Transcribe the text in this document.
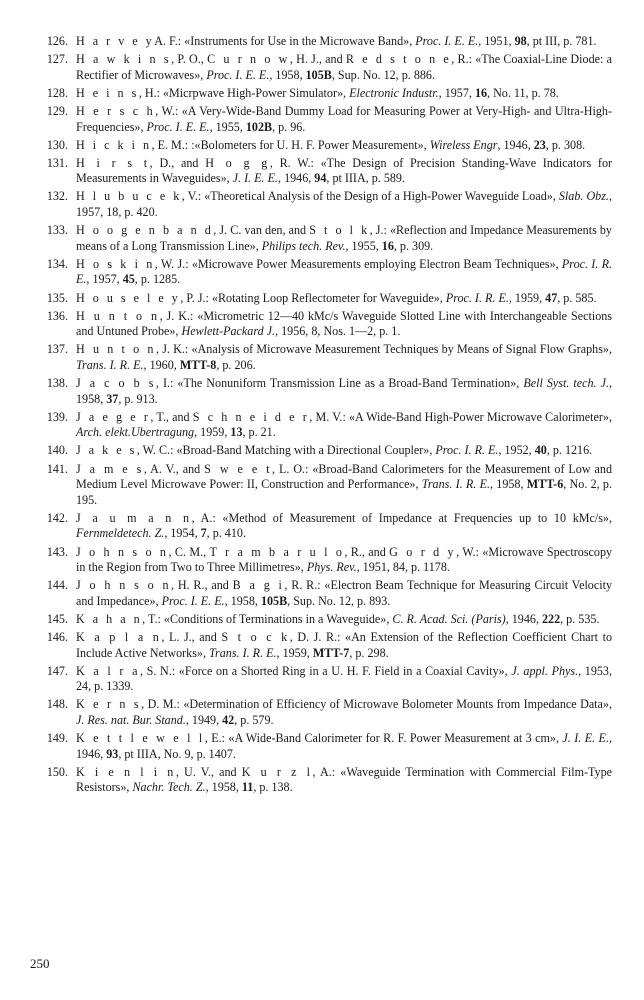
126. H a r v e yA. F.: «Instruments for Use in the Microwave Band», Proc. I. E. E., 1951, 98, pt III, p. 781.
127. H a w k i n s, P. O., C u r n o w, H. J., and R e d s t o n e, R.: «The Coaxial-Line Diode: a Rectifier of Microwaves», Proc. I. E. E., 1958, 105B, Sup. No. 12, p. 886.
128. H e i n s, H.: «Micrpwave High-Power Simulator», Electronic Industr., 1957, 16, No. 11, p. 78.
129. H e r s c h, W.: «A Very-Wide-Band Dummy Load for Measuring Power at Very-High- and Ultra-High-Frequencies», Proc. I. E. E., 1955, 102B, p. 96.
130. H i c k i n, E. M.: :«Bolometers for U. H. F. Power Measurement», Wireless Engr, 1946, 23, p. 308.
131. H i r s t, D., and H o g g, R. W.: «The Design of Precision Standing-Wave Indicators for Measurements in Waveguides», J. I. E. E., 1946, 94, pt IIIA, p. 589.
132. H l u b u c e k, V.: «Theoretical Analysis of the Design of a High-Power Waveguide Load», Slab. Obz., 1957, 18, p. 420.
133. H o o g e n b a n d, J. C. van den, and S t o l k, J.: «Reflection and Impedance Measurements by means of a Long Transmission Line», Philips tech. Rev., 1955, 16, p. 309.
134. H o s k i n, W. J.: «Microwave Power Measurements employing Electron Beam Techniques», Proc. I. R. E., 1957, 45, p. 1285.
135. H o u s e l e y, P. J.: «Rotating Loop Reflectometer for Waveguide», Proc. I. R. E., 1959, 47, p. 585.
136. H u n t o n, J. K.: «Micrometric 12—40 kMc/s Waveguide Slotted Line with Interchangeable Sections and Untuned Probe», Hewlett-Packard J., 1956, 8, Nos. 1—2, p. 1.
137. H u n t o n, J. K.: «Analysis of Microwave Measurement Techniques by Means of Signal Flow Graphs», Trans. I. R. E., 1960, MTT-8, p. 206.
138. J a c o b s, I.: «The Nonuniform Transmission Line as a Broad-Band Termination», Bell Syst. tech. J., 1958, 37, p. 913.
139. J a e g e r, T., and S c h n e i d e r, M. V.: «A Wide-Band High-Power Microwave Calorimeter», Arch. elekt.Ubertragung, 1959, 13, p. 21.
140. J a k e s, W. C.: «Broad-Band Matching with a Directional Coupler», Proc. I. R. E., 1952, 40, p. 1216.
141. J a m e s, A. V., and S w e e t, L. O.: «Broad-Band Calorimeters for the Measurement of Low and Medium Level Microwave Power: II, Construction and Performance», Trans. I. R. E., 1958, MTT-6, No. 2, p. 195.
142. J a u m a n n, A.: «Method of Measurement of Impedance at Frequencies up to 10 kMc/s», Fernmeldetech. Z., 1954, 7, p. 410.
143. J o h n s o n, C. M., T r a m b a r u l o, R., and G o r d y, W.: «Microwave Spectroscopy in the Region from Two to Three Millimetres», Phys. Rev., 1951, 84, p. 1178.
144. J o h n s o n, H. R., and B a g i, R. R.: «Electron Beam Technique for Measuring Circuit Velocity and Impedance», Proc. I. E. E., 1958, 105B, Sup. No. 12, p. 893.
145. K a h a n, T.: «Conditions of Terminations in a Waveguide», C. R. Acad. Sci. (Paris), 1946, 222, p. 535.
146. K a p l a n, L. J., and S t o c k, D. J. R.: «An Extension of the Reflection Coefficient Chart to Include Active Networks», Trans. I. R. E., 1959, MTT-7, p. 298.
147. K a l r a, S. N.: «Force on a Shorted Ring in a U. H. F. Field in a Coaxial Cavity», J. appl. Phys., 1953, 24, p. 1339.
148. K e r n s, D. M.: «Determination of Efficiency of Microwave Bolometer Mounts from Impedance Data», J. Res. nat. Bur. Stand., 1949, 42, p. 579.
149. K e t t l e w e l l, E.: «A Wide-Band Calorimeter for R. F. Power Measurement at 3 cm», J. I. E. E., 1946, 93, pt IIIA, No. 9, p. 1407.
150. K i e n l i n, U. V., and K u r z l, A.: «Waveguide Termination with Commercial Film-Type Resistors», Nachr. Tech. Z., 1958, 11, p. 138.
250
